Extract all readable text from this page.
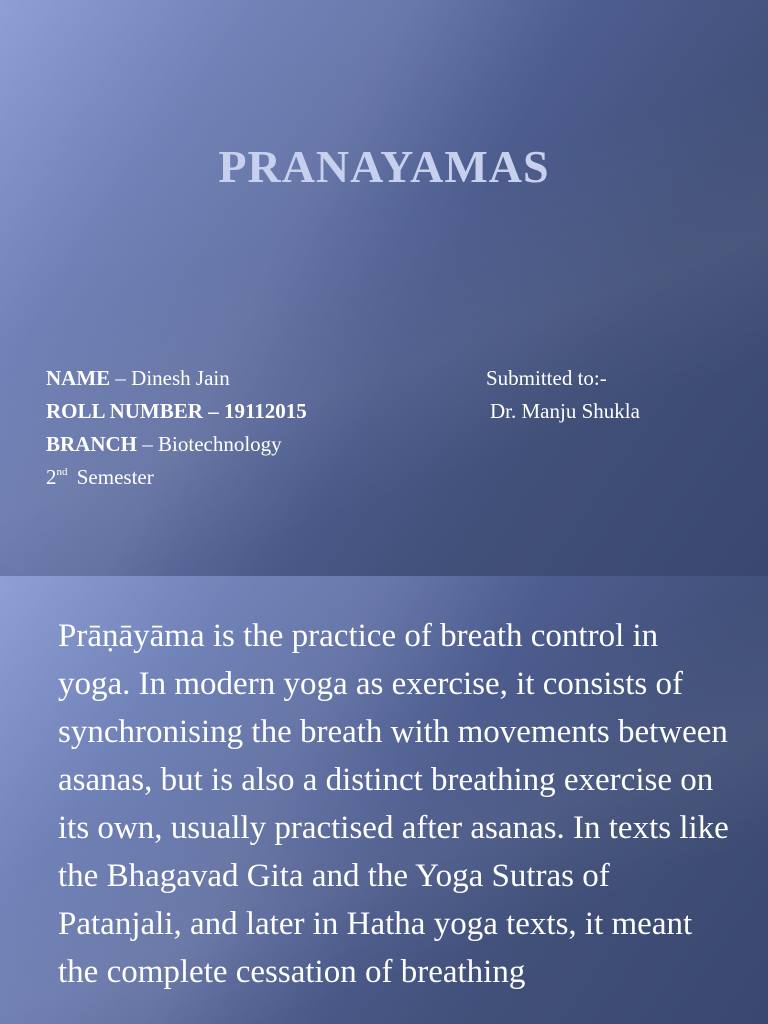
PRANAYAMAS
NAME – Dinesh Jain
ROLL NUMBER – 19112015
BRANCH – Biotechnology
2nd Semester
Submitted to:-
Dr. Manju Shukla

Prāṇāyāma is the practice of breath control in yoga. In modern yoga as exercise, it consists of synchronising the breath with movements between asanas, but is also a distinct breathing exercise on its own, usually practised after asanas. In texts like the Bhagavad Gita and the Yoga Sutras of Patanjali, and later in Hatha yoga texts, it meant the complete cessation of breathing
